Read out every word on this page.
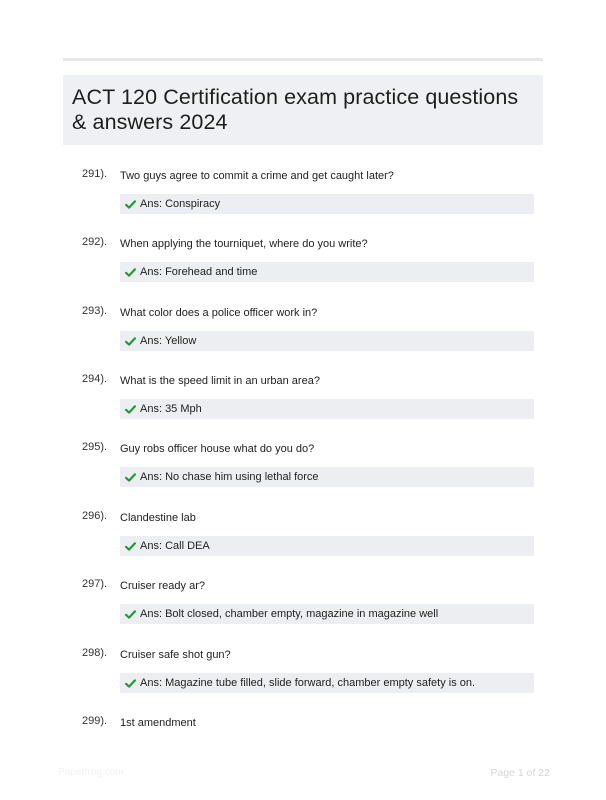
ACT 120 Certification exam practice questions & answers 2024
291). Two guys agree to commit a crime and get caught later?
Ans: Conspiracy
292). When applying the tourniquet, where do you write?
Ans: Forehead and time
293). What color does a police officer work in?
Ans: Yellow
294). What is the speed limit in an urban area?
Ans: 35 Mph
295). Guy robs officer house what do you do?
Ans: No chase him using lethal force
296). Clandestine lab
Ans: Call DEA
297). Cruiser ready ar?
Ans: Bolt closed, chamber empty, magazine in magazine well
298). Cruiser safe shot gun?
Ans: Magazine tube filled, slide forward, chamber empty safety is on.
299). 1st amendment
Paperfrog.com	Page 1 of 22
